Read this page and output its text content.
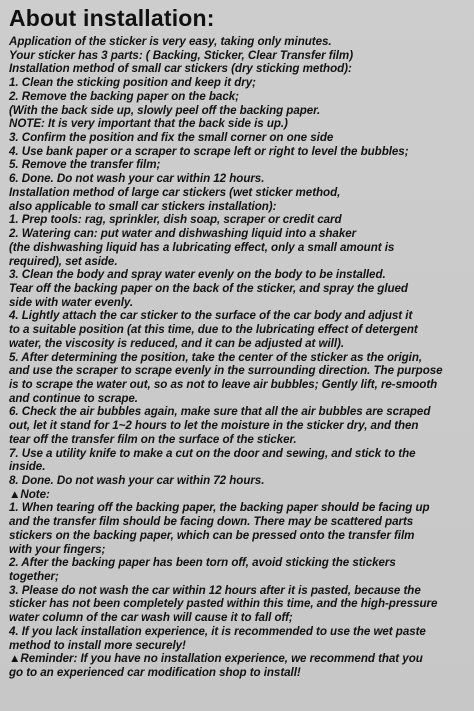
About installation:
Application of the sticker is very easy, taking only minutes.
Your sticker has 3 parts: ( Backing, Sticker, Clear Transfer film)
Installation method of small car stickers (dry sticking method):
1. Clean the sticking position and keep it dry;
2. Remove the backing paper on the back;
(With the back side up, slowly peel off the backing paper.
NOTE: It is very important that the back side is up.)
3. Confirm the position and fix the small corner on one side
4. Use bank paper or a scraper to scrape left or right to level the bubbles;
5. Remove the transfer film;
6. Done. Do not wash your car within 12 hours.
Installation method of large car stickers (wet sticker method,
also applicable to small car stickers installation):
1. Prep tools: rag, sprinkler, dish soap, scraper or credit card
2. Watering can: put water and dishwashing liquid into a shaker
(the dishwashing liquid has a lubricating effect, only a small amount is
required), set aside.
3. Clean the body and spray water evenly on the body to be installed.
Tear off the backing paper on the back of the sticker, and spray the glued
side with water evenly.
4. Lightly attach the car sticker to the surface of the car body and adjust it
to a suitable position (at this time, due to the lubricating effect of detergent
water, the viscosity is reduced, and it can be adjusted at will).
5. After determining the position, take the center of the sticker as the origin,
and use the scraper to scrape evenly in the surrounding direction. The purpose
is to scrape the water out, so as not to leave air bubbles; Gently lift, re-smooth
and continue to scrape.
6. Check the air bubbles again, make sure that all the air bubbles are scraped
out, let it stand for 1~2 hours to let the moisture in the sticker dry, and then
tear off the transfer film on the surface of the sticker.
7. Use a utility knife to make a cut on the door and sewing, and stick to the
inside.
8. Done. Do not wash your car within 72 hours.
▲Note:
1. When tearing off the backing paper, the backing paper should be facing up
and the transfer film should be facing down. There may be scattered parts
stickers on the backing paper, which can be pressed onto the transfer film
with your fingers;
2. After the backing paper has been torn off, avoid sticking the stickers
together;
3. Please do not wash the car within 12 hours after it is pasted, because the
sticker has not been completely pasted within this time, and the high-pressure
water column of the car wash will cause it to fall off;
4. If you lack installation experience, it is recommended to use the wet paste
method to install more securely!
▲Reminder: If you have no installation experience, we recommend that you
go to an experienced car modification shop to install!
